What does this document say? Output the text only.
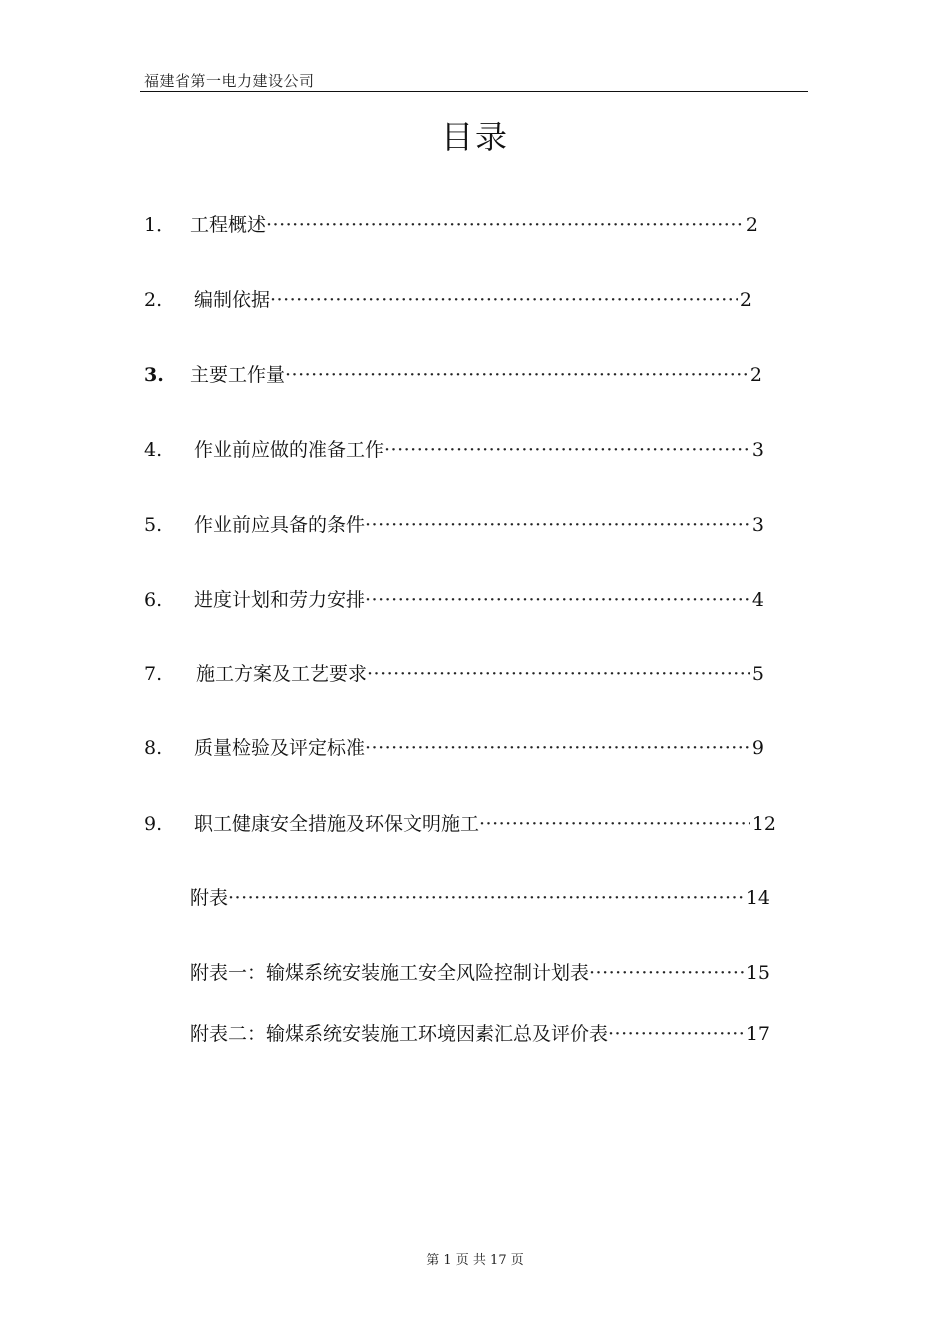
福建省第一电力建设公司
目录
1． 工程概述 ·····	2
2.	编制依据 ·····	2
3.	主要工作量 ·····	2
4.	作业前应做的准备工作 ·····	3
5.	作业前应具备的条件 ·····	3
6.	进度计划和劳力安排 ·····	4
7.	施工方案及工艺要求 ·····	5
8.	质量检验及评定标准 ·····	9
9.	职工健康安全措施及环保文明施工 ·····	12
附表 ·····	14
附表一：输煤系统安装施工安全风险控制计划表 ·····	15
附表二：输煤系统安装施工环境因素汇总及评价表 ·····	17
第 1 页 共 17 页
